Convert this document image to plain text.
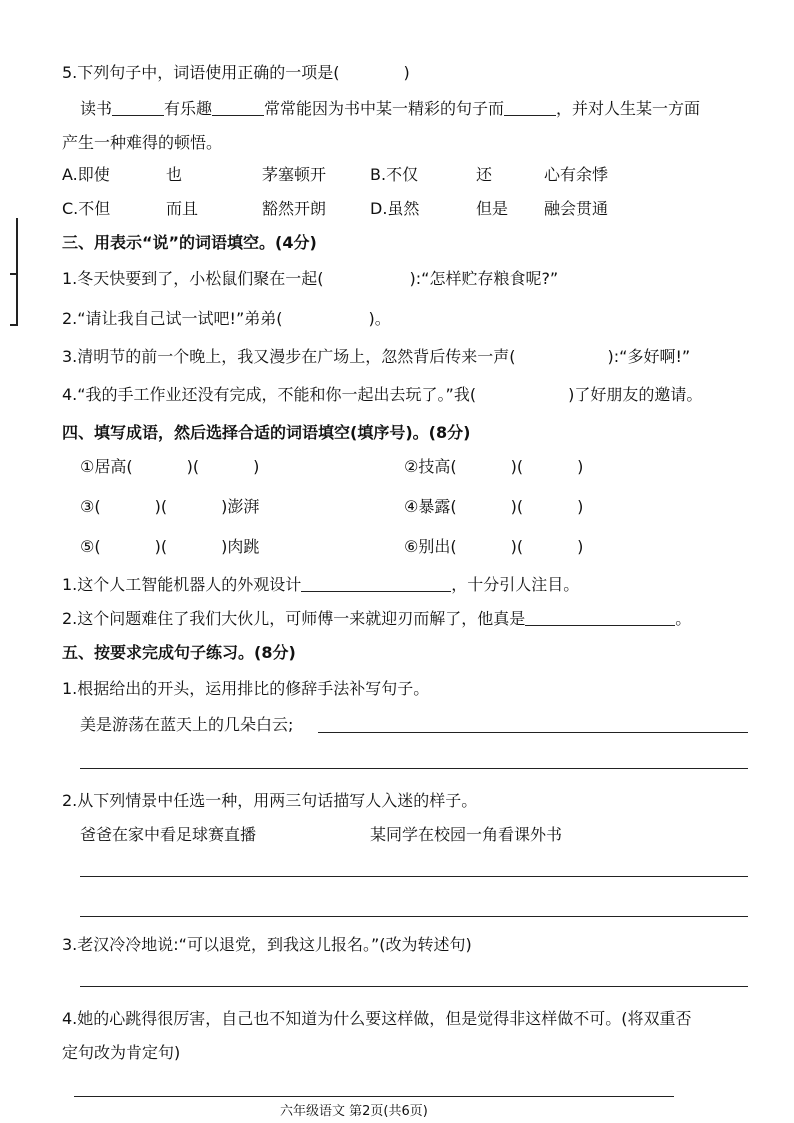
5.下列句子中，词语使用正确的一项是(	)
读书	有乐趣	常常能因为书中某一精彩的句子而	，并对人生某一方面
产生一种难得的顿悟。
A.即使	也	茅塞顿开	B.不仅	还	心有余悸
C.不但	而且	豁然开朗	D.虽然	但是 融会贯通
三、用表示“说”的词语填空。(4分)
1.冬天快要到了，小松鼠们聚在一起(	):“怎样贮存粮食呢?”
2.“请让我自己试一试吧!”弟弟(	)。
3.清明节的前一个晚上，我又漫步在广场上，忽然背后传来一声(	):“多好啊!”
4.“我的手工作业还没有完成，不能和你一起出去玩了。”我(	)了好朋友的邀请。
四、填写成语，然后选择合适的词语填空(填序号)。(8分)
①居高(	)(	)	②技高(	)(	)
③(	)(	)澎湃	④暴露(	)(	)
⑤(	)(	)肉跳	⑥别出(	)(	)
1.这个人工智能机器人的外观设计	，十分引人注目。
2.这个问题难住了我们大伙儿，可师傅一来就迎刃而解了，他真是	。
五、按要求完成句子练习。(8分)
1.根据给出的开头，运用排比的修辞手法补写句子。
美是游荡在蓝天上的几朵白云;
2.从下列情景中任选一种，用两三句话描写人入迷的样子。
爸爸在家中看足球赛直播	某同学在校园一角看课外书
3.老汉冷冷地说:“可以退党，到我这儿报名。”(改为转述句)
4.她的心跳得很厉害，自己也不知道为什么要这样做，但是觉得非这样做不可。(将双重否
定句改为肯定句)
六年级语文 第2页(共6页)
